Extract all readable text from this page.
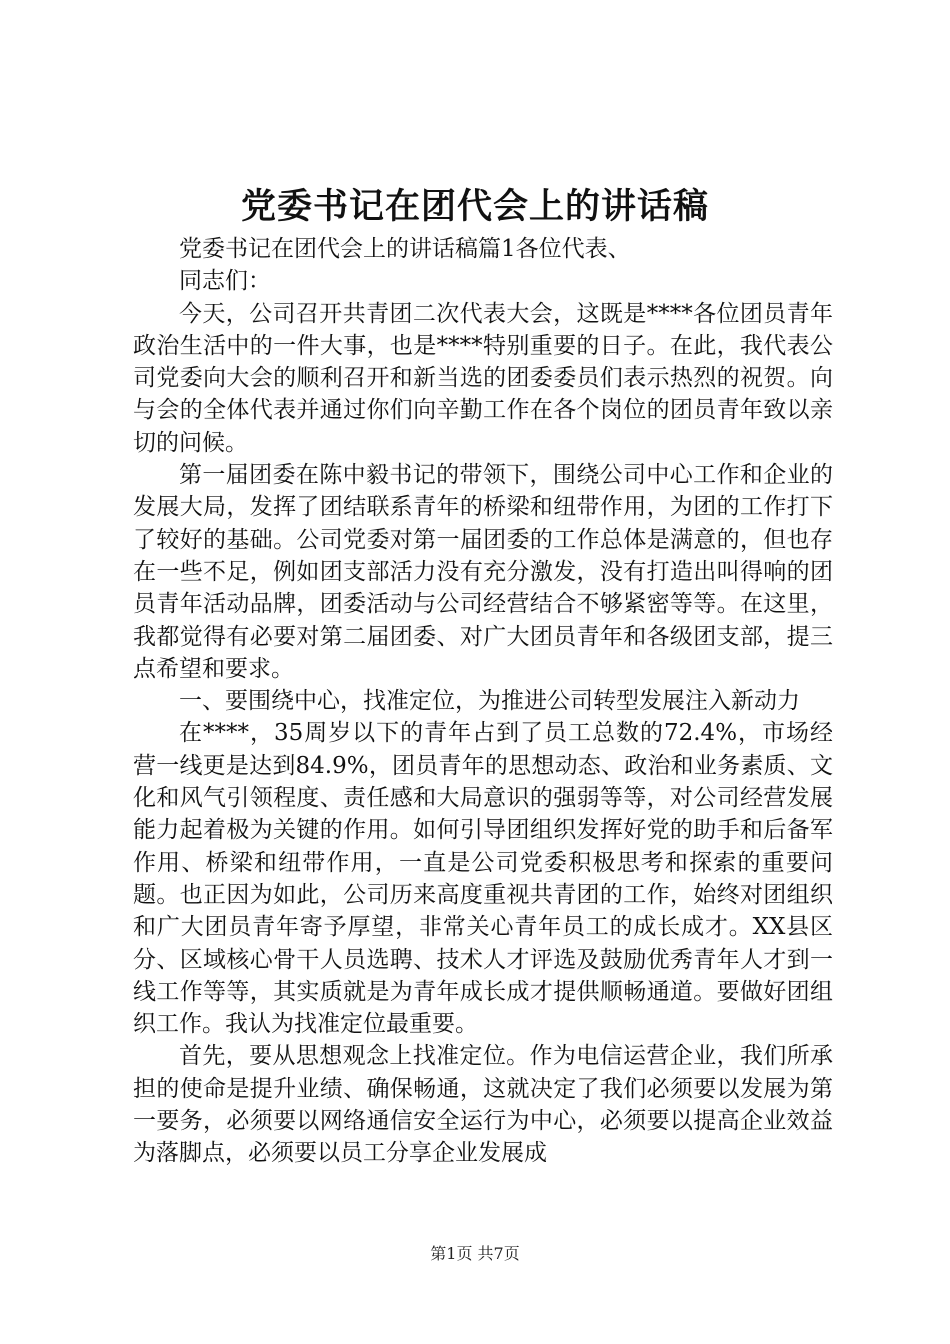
党委书记在团代会上的讲话稿

党委书记在团代会上的讲话稿篇1各位代表、

同志们：

今天，公司召开共青团二次代表大会，这既是****各位团员青年政治生活中的一件大事，也是****特别重要的日子。在此，我代表公司党委向大会的顺利召开和新当选的团委委员们表示热烈的祝贺。向与会的全体代表并通过你们向辛勤工作在各个岗位的团员青年致以亲切的问候。

第一届团委在陈中毅书记的带领下，围绕公司中心工作和企业的发展大局，发挥了团结联系青年的桥梁和纽带作用，为团的工作打下了较好的基础。公司党委对第一届团委的工作总体是满意的，但也存在一些不足，例如团支部活力没有充分激发，没有打造出叫得响的团员青年活动品牌，团委活动与公司经营结合不够紧密等等。在这里，我都觉得有必要对第二届团委、对广大团员青年和各级团支部，提三点希望和要求。

一、要围绕中心，找准定位，为推进公司转型发展注入新动力

在****，35周岁以下的青年占到了员工总数的72.4%，市场经营一线更是达到84.9%，团员青年的思想动态、政治和业务素质、文化和风气引领程度、责任感和大局意识的强弱等等，对公司经营发展能力起着极为关键的作用。如何引导团组织发挥好党的助手和后备军作用、桥梁和纽带作用，一直是公司党委积极思考和探索的重要问题。也正因为如此，公司历来高度重视共青团的工作，始终对团组织和广大团员青年寄予厚望，非常关心青年员工的成长成才。XX县区分、区域核心骨干人员选聘、技术人才评选及鼓励优秀青年人才到一线工作等等，其实质就是为青年成长成才提供顺畅通道。要做好团组织工作。我认为找准定位最重要。

首先，要从思想观念上找准定位。作为电信运营企业，我们所承担的使命是提升业绩、确保畅通，这就决定了我们必须要以发展为第一要务，必须要以网络通信安全运行为中心，必须要以提高企业效益为落脚点，必须要以员工分享企业发展成

第1页 共7页
